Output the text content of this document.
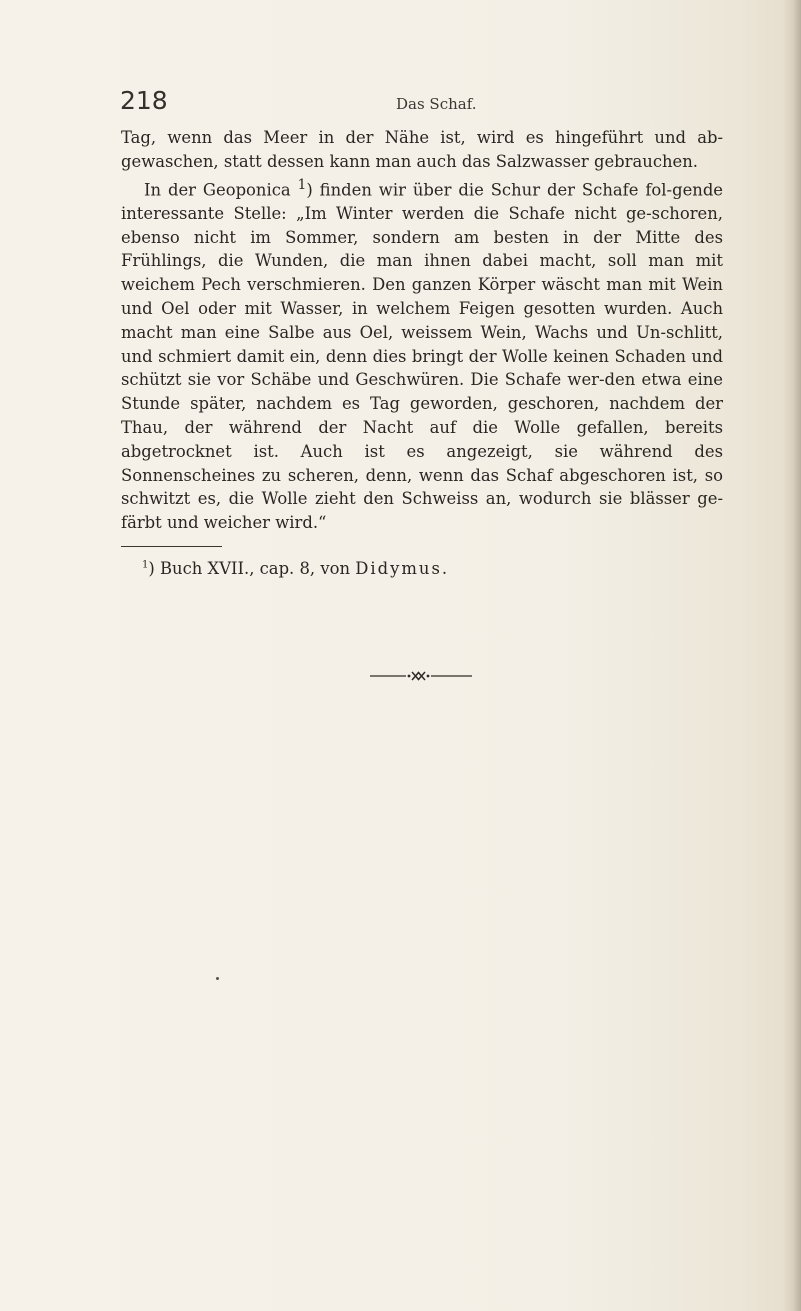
218	Das Schaf.

Tag, wenn das Meer in der Nähe ist, wird es hingeführt und ab-gewaschen, statt dessen kann man auch das Salzwasser gebrauchen.

In der Geoponica $^1$) finden wir über die Schur der Schafe fol-gende interessante Stelle: „Im Winter werden die Schafe nicht ge-schoren, ebenso nicht im Sommer, sondern am besten in der Mitte des Frühlings, die Wunden, die man ihnen dabei macht, soll man mit weichem Pech verschmieren. Den ganzen Körper wäscht man mit Wein und Oel oder mit Wasser, in welchem Feigen gesotten wurden. Auch macht man eine Salbe aus Oel, weissem Wein, Wachs und Un-schlitt, und schmiert damit ein, denn dies bringt der Wolle keinen Schaden und schützt sie vor Schäbe und Geschwüren. Die Schafe wer-den etwa eine Stunde später, nachdem es Tag geworden, geschoren, nachdem der Thau, der während der Nacht auf die Wolle gefallen, bereits abgetrocknet ist. Auch ist es angezeigt, sie während des Sonnenscheines zu scheren, denn, wenn das Schaf abgeschoren ist, so schwitzt es, die Wolle zieht den Schweiss an, wodurch sie blässer ge-färbt und weicher wird.“

$^1$) Buch XVII., cap. 8, von Didymus.
